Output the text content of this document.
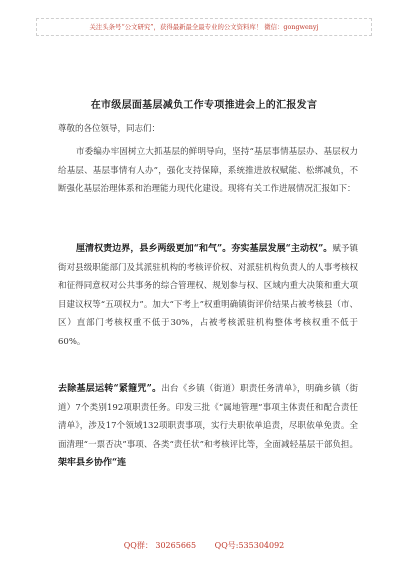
关注头条号“公文研究”，获得最新最全最专业的公文资料库！ 微信：gongwenyj
在市级层面基层减负工作专项推进会上的汇报发言
尊敬的各位领导，同志们：

市委编办牢固树立大抓基层的鲜明导向，坚持“基层事情基层办、基层权力给基层、基层事情有人办”，强化支持保障，系统推进放权赋能、松绑减负，不断强化基层治理体系和治理能力现代化建设。现将有关工作进展情况汇报如下：

厘清权责边界，县乡两级更加“和气”。夯实基层发展“主动权”。赋予镇街对县级职能部门及其派驻机构的考核评价权、对派驻机构负责人的人事考核权和征得同意权对公共事务的综合管理权、规划参与权、区域内重大决策和重大项目建议权等“五项权力”。加大“下考上”权重明确镇街评价结果占被考核县（市、区）直部门考核权重不低于30%，占被考核派驻机构整体考核权重不低于60%。

去除基层运转“紧箍咒”。出台《乡镇（街道）职责任务清单》，明确乡镇（街道）7个类别192项职责任务。印发三批《“属地管理”事项主体责任和配合责任清单》，涉及17个领域132项职责事项，实行夫职依单追责，尽职依单免责。全面清理“一票否决”事项、各类“责任状”和考核评比等，全面减轻基层干部负担。架牢县乡协作“连

QQ群： 30265665 QQ号:535304092
